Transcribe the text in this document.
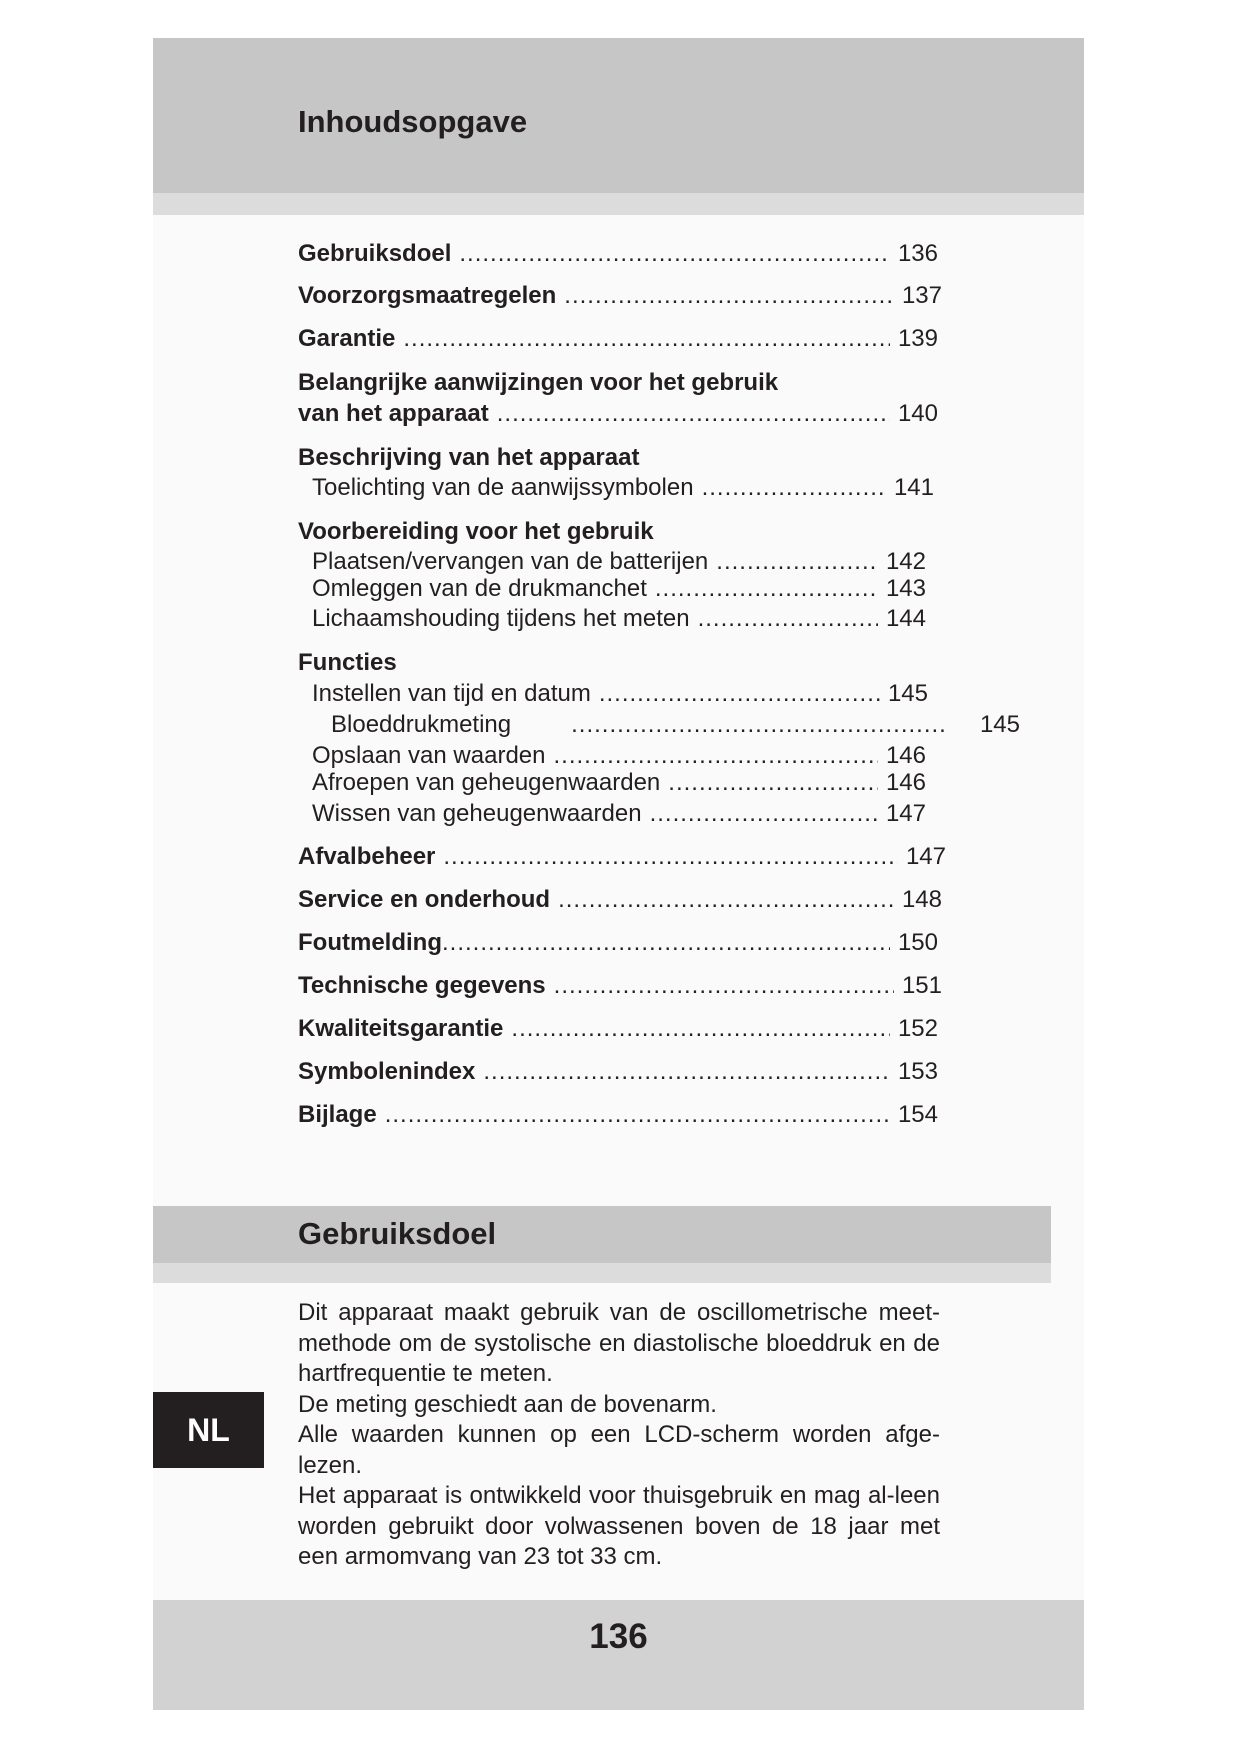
Inhoudsopgave
Gebruiksdoel .....	136
Voorzorgsmaatregelen .....	137
Garantie .....	139
Belangrijke aanwijzingen voor het gebruik
van het apparaat .....	140
Beschrijving van het apparaat
Toelichting van de aanwijssymbolen .....	141
Voorbereiding voor het gebruik
Plaatsen/vervangen van de batterijen .....	142
Omleggen van de drukmanchet .....	143
Lichaamshouding tijdens het meten .....	144
Functies
Instellen van tijd en datum .....	145
Bloeddrukmeting .....	145
Opslaan van waarden .....	146
Afroepen van geheugenwaarden .....	146
Wissen van geheugenwaarden .....	147
Afvalbeheer .....	147
Service en onderhoud .....	148
Foutmelding .....	150
Technische gegevens .....	151
Kwaliteitsgarantie .....	152
Symbolenindex .....	153
Bijlage .....	154
Gebruiksdoel
NL

Dit apparaat maakt gebruik van de oscillometrische meet-methode om de systolische en diastolische bloeddruk en de hartfrequentie te meten.

De meting geschiedt aan de bovenarm.

Alle waarden kunnen op een LCD-scherm worden afge-lezen.

Het apparaat is ontwikkeld voor thuisgebruik en mag al-leen worden gebruikt door volwassenen boven de 18 jaar met een armomvang van 23 tot 33 cm.

136
